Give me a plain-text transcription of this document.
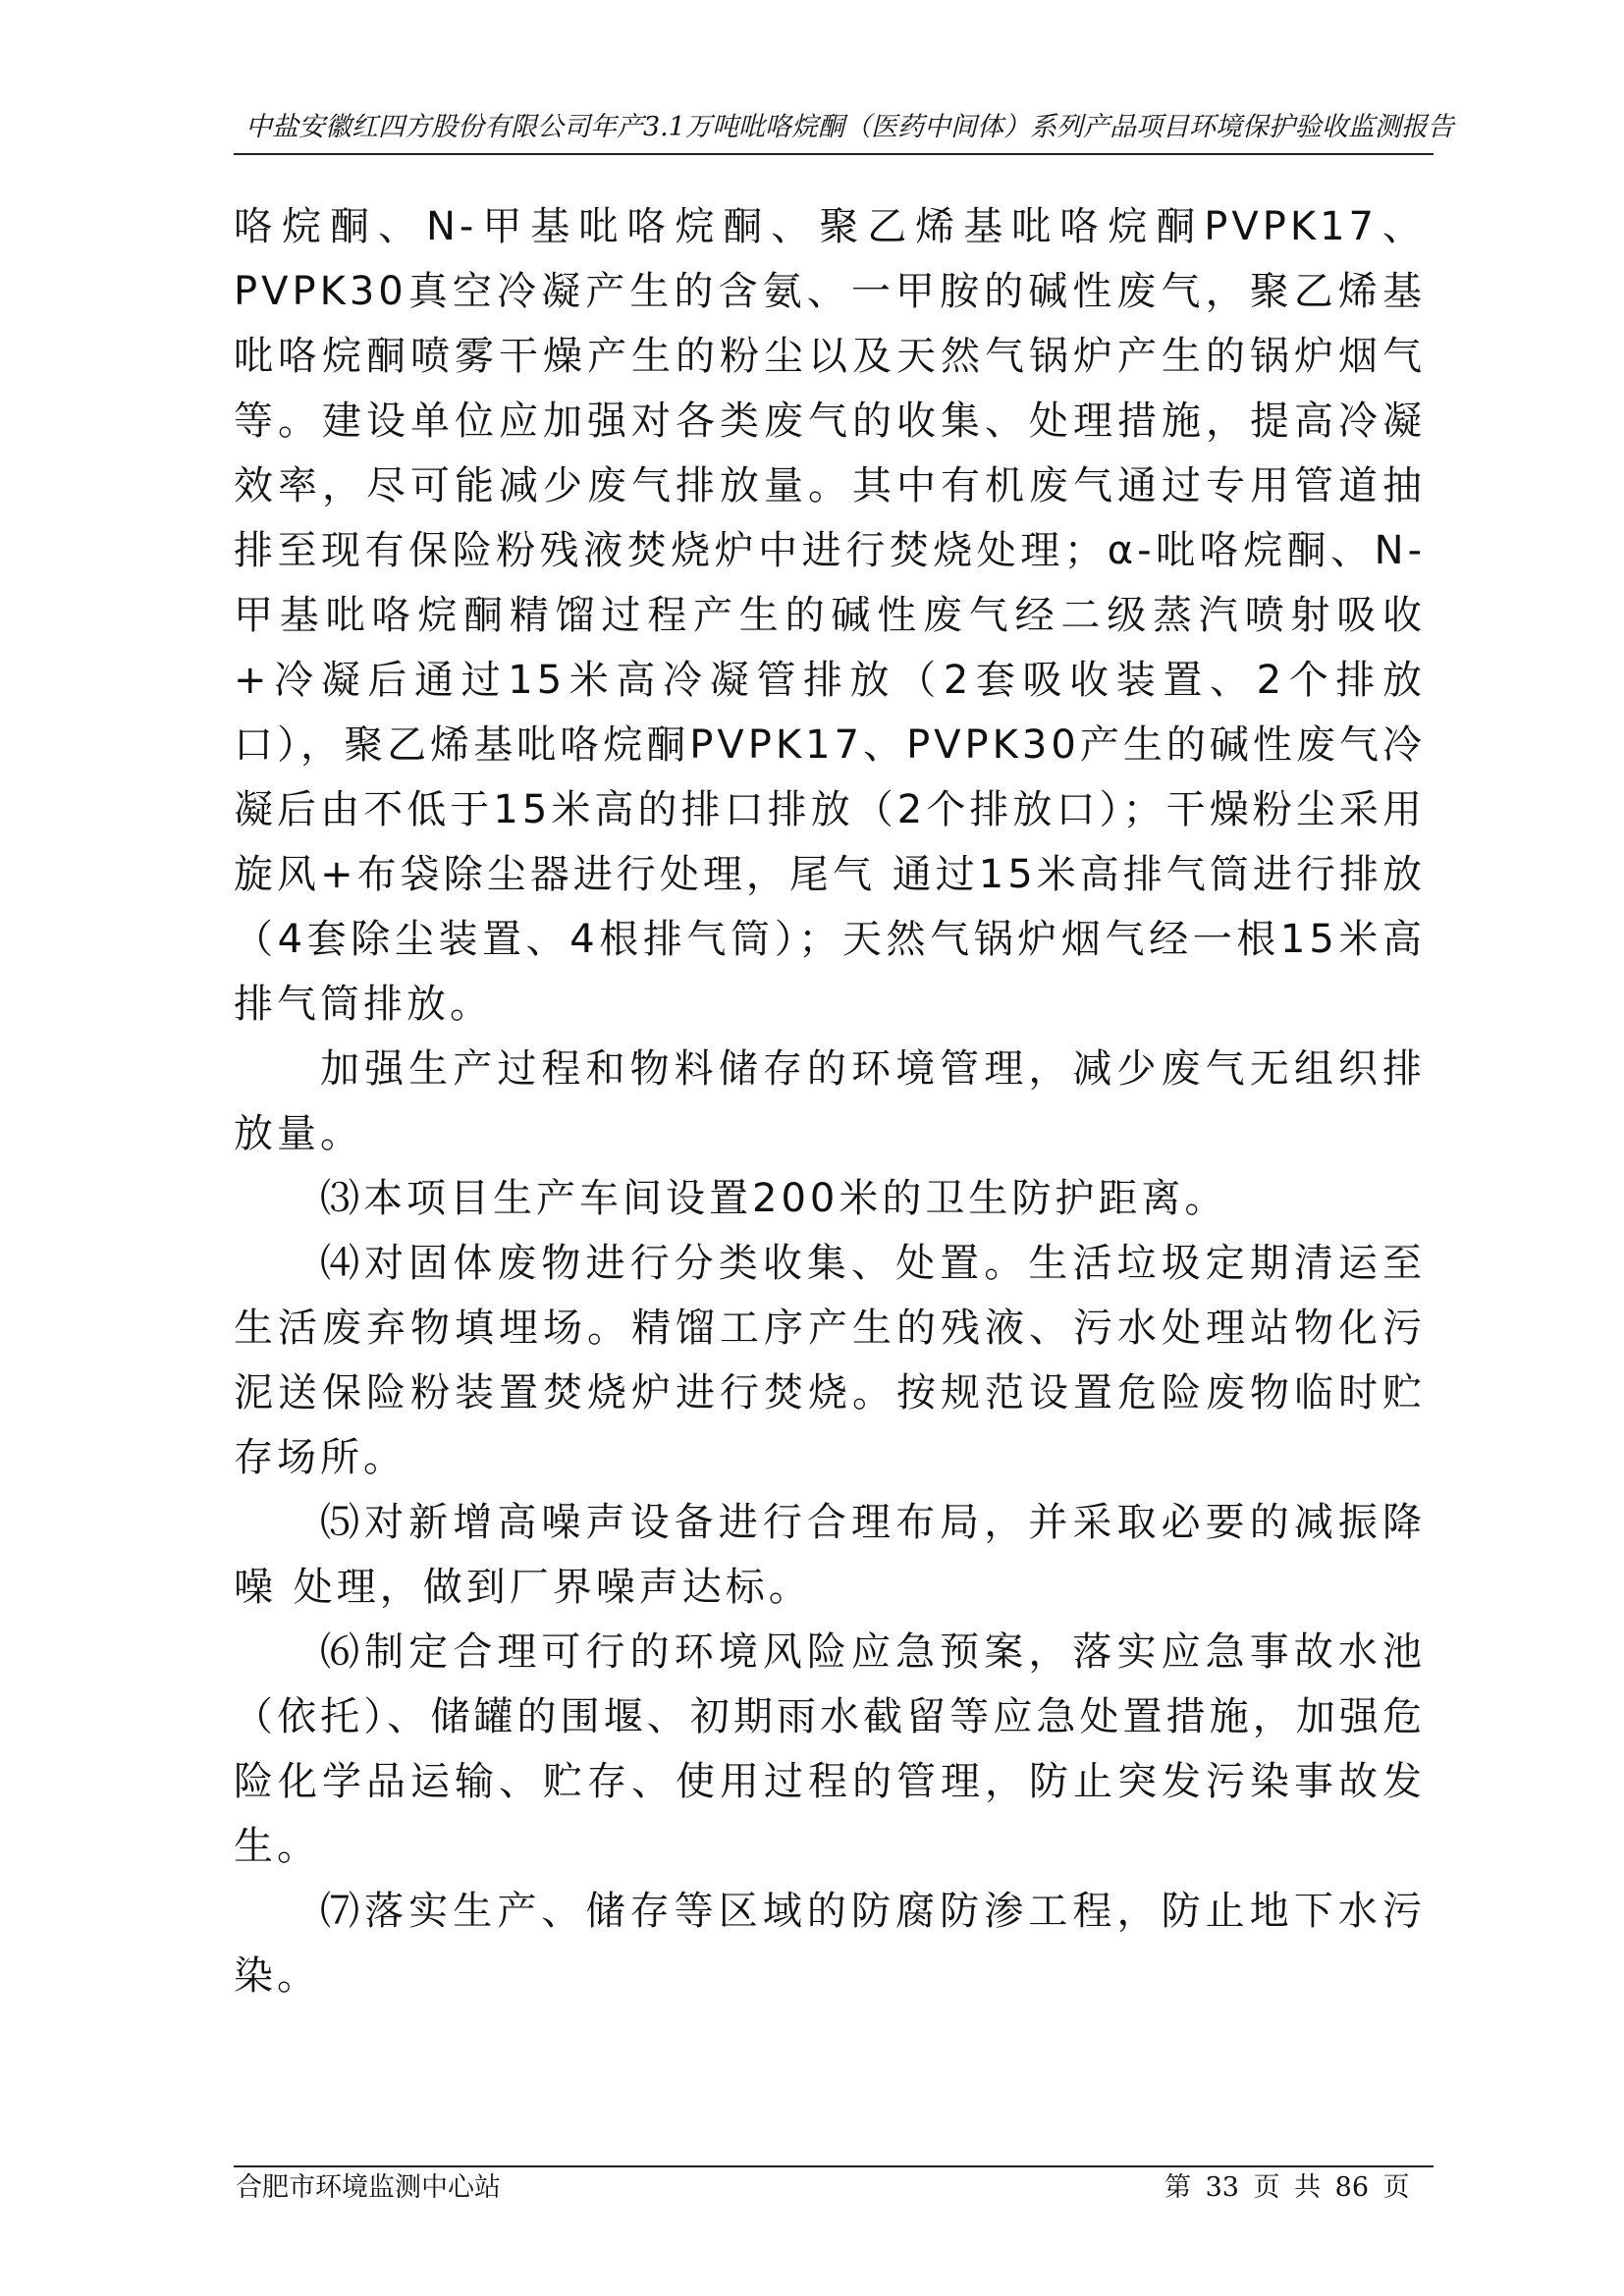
中盐安徽红四方股份有限公司年产3.1万吨吡咯烷酮（医药中间体）系列产品项目环境保护验收监测报告

咯烷酮、N-甲基吡咯烷酮、聚乙烯基吡咯烷酮PVPK17、PVPK30真空冷凝产生的含氨、一甲胺的碱性废气，聚乙烯基吡咯烷酮喷雾干燥产生的粉尘以及天然气锅炉产生的锅炉烟气等。建设单位应加强对各类废气的收集、处理措施，提高冷凝效率，尽可能减少废气排放量。其中有机废气通过专用管道抽排至现有保险粉残液焚烧炉中进行焚烧处理；α-吡咯烷酮、N-甲基吡咯烷酮精馏过程产生的碱性废气经二级蒸汽喷射吸收+冷凝后通过15米高冷凝管排放（2套吸收装置、2个排放口），聚乙烯基吡咯烷酮PVPK17、PVPK30产生的碱性废气冷凝后由不低于15米高的排口排放（2个排放口）；干燥粉尘采用旋风+布袋除尘器进行处理，尾气 通过15米高排气筒进行排放（4套除尘装置、4根排气筒）；天然气锅炉烟气经一根15米高排气筒排放。

加强生产过程和物料储存的环境管理，减少废气无组织排放量。

⑶本项目生产车间设置200米的卫生防护距离。

⑷对固体废物进行分类收集、处置。生活垃圾定期清运至生活废弃物填埋场。精馏工序产生的残液、污水处理站物化污泥送保险粉装置焚烧炉进行焚烧。按规范设置危险废物临时贮存场所。

⑸对新增高噪声设备进行合理布局，并采取必要的减振降噪 处理，做到厂界噪声达标。

⑹制定合理可行的环境风险应急预案，落实应急事故水池（依托）、储罐的围堰、初期雨水截留等应急处置措施，加强危险化学品运输、贮存、使用过程的管理，防止突发污染事故发生。

⑺落实生产、储存等区域的防腐防渗工程，防止地下水污染。

合肥市环境监测中心站	第 33 页 共 86 页
